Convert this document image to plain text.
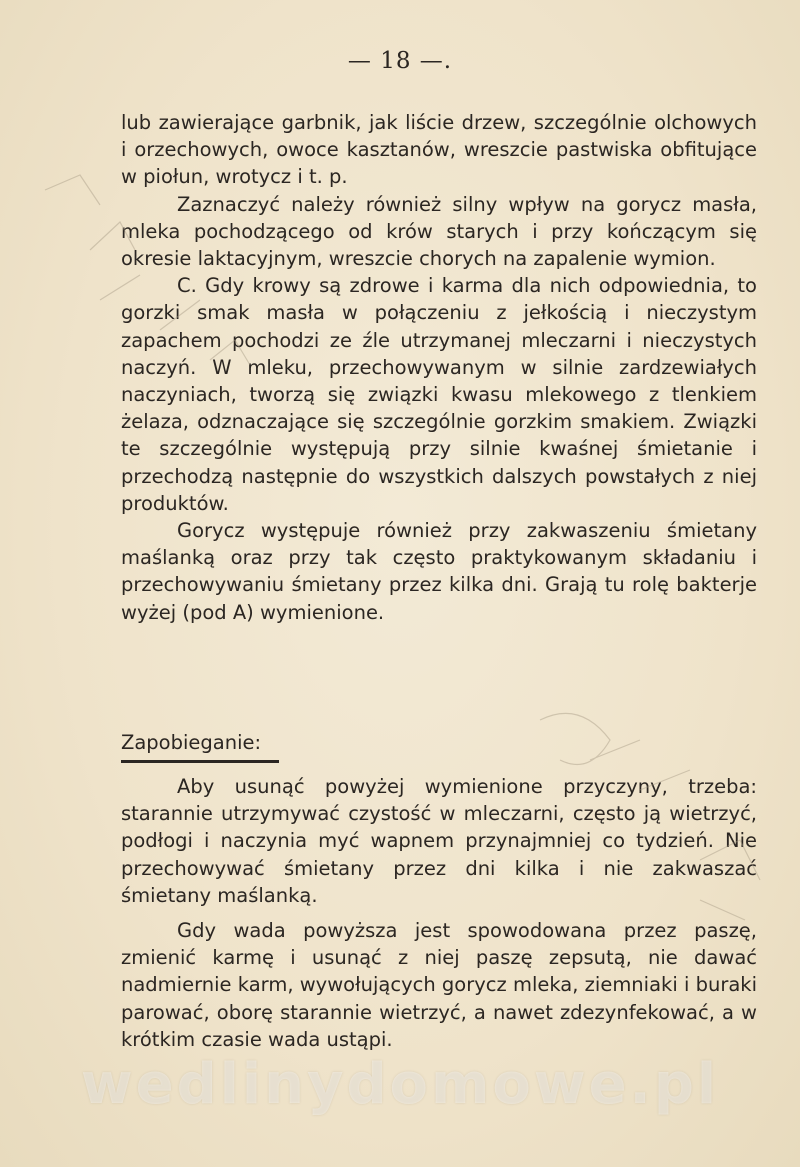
— 18 —.

lub zawierające garbnik, jak liście drzew, szczególnie olchowych i orzechowych, owoce kasztanów, wreszcie pastwiska obfitujące w piołun, wrotycz i t. p.

Zaznaczyć należy również silny wpływ na gorycz masła, mleka pochodzącego od krów starych i przy kończącym się okresie laktacyjnym, wreszcie chorych na zapalenie wymion.

C. Gdy krowy są zdrowe i karma dla nich odpowiednia, to gorzki smak masła w połączeniu z jełkością i nieczystym zapachem pochodzi ze źle utrzymanej mleczarni i nieczystych naczyń. W mleku, przechowywanym w silnie zardzewiałych naczyniach, tworzą się związki kwasu mlekowego z tlenkiem żelaza, odznaczające się szczególnie gorzkim smakiem. Związki te szczególnie występują przy silnie kwaśnej śmietanie i przechodzą następnie do wszystkich dalszych powstałych z niej produktów.

Gorycz występuje również przy zakwaszeniu śmietany maślanką oraz przy tak często praktykowanym składaniu i przechowywaniu śmietany przez kilka dni. Grają tu rolę bakterje wyżej (pod A) wymienione.

Zapobieganie:

Aby usunąć powyżej wymienione przyczyny, trzeba: starannie utrzymywać czystość w mleczarni, często ją wietrzyć, podłogi i naczynia myć wapnem przynajmniej co tydzień. Nie przechowywać śmietany przez dni kilka i nie zakwaszać śmietany maślanką.

Gdy wada powyższa jest spowodowana przez paszę, zmienić karmę i usunąć z niej paszę zepsutą, nie dawać nadmiernie karm, wywołujących gorycz mleka, ziemniaki i buraki parować, oborę starannie wietrzyć, a nawet zdezynfekować, a w krótkim czasie wada ustąpi.

wedlinydomowe.pl
